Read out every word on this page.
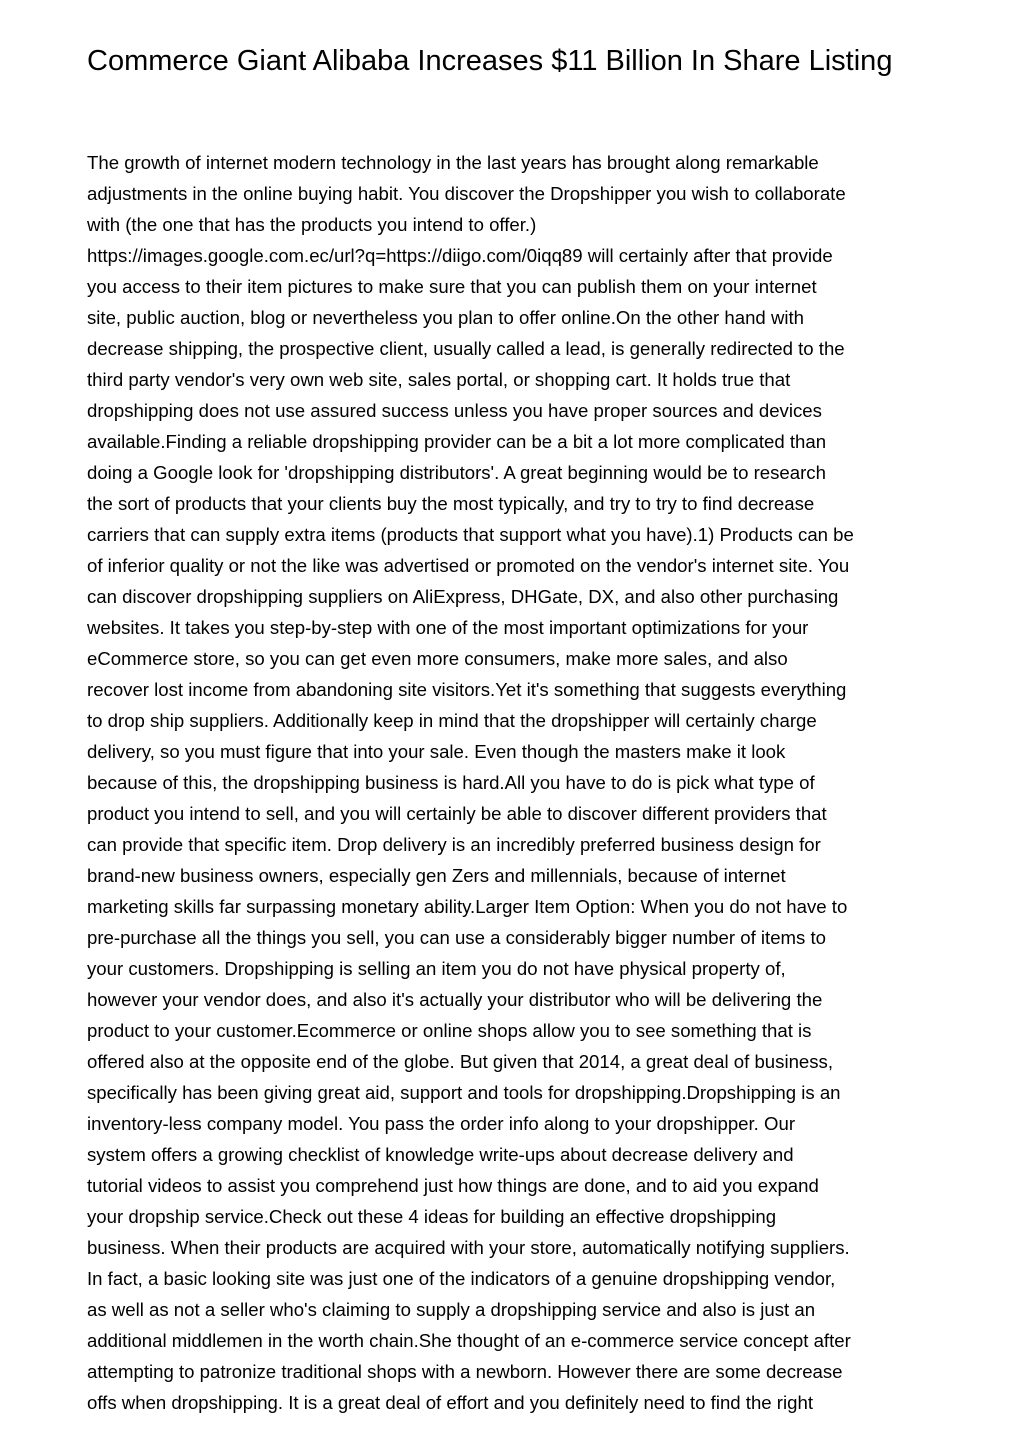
Commerce Giant Alibaba Increases $11 Billion In Share Listing
The growth of internet modern technology in the last years has brought along remarkable
adjustments in the online buying habit. You discover the Dropshipper you wish to collaborate
with (the one that has the products you intend to offer.)
https://images.google.com.ec/url?q=https://diigo.com/0iqq89 will certainly after that provide
you access to their item pictures to make sure that you can publish them on your internet
site, public auction, blog or nevertheless you plan to offer online.On the other hand with
decrease shipping, the prospective client, usually called a lead, is generally redirected to the
third party vendor's very own web site, sales portal, or shopping cart. It holds true that
dropshipping does not use assured success unless you have proper sources and devices
available.Finding a reliable dropshipping provider can be a bit a lot more complicated than
doing a Google look for 'dropshipping distributors'. A great beginning would be to research
the sort of products that your clients buy the most typically, and try to try to find decrease
carriers that can supply extra items (products that support what you have).1) Products can be
of inferior quality or not the like was advertised or promoted on the vendor's internet site. You
can discover dropshipping suppliers on AliExpress, DHGate, DX, and also other purchasing
websites. It takes you step-by-step with one of the most important optimizations for your
eCommerce store, so you can get even more consumers, make more sales, and also
recover lost income from abandoning site visitors.Yet it's something that suggests everything
to drop ship suppliers. Additionally keep in mind that the dropshipper will certainly charge
delivery, so you must figure that into your sale. Even though the masters make it look
because of this, the dropshipping business is hard.All you have to do is pick what type of
product you intend to sell, and you will certainly be able to discover different providers that
can provide that specific item. Drop delivery is an incredibly preferred business design for
brand-new business owners, especially gen Zers and millennials, because of internet
marketing skills far surpassing monetary ability.Larger Item Option: When you do not have to
pre-purchase all the things you sell, you can use a considerably bigger number of items to
your customers. Dropshipping is selling an item you do not have physical property of,
however your vendor does, and also it's actually your distributor who will be delivering the
product to your customer.Ecommerce or online shops allow you to see something that is
offered also at the opposite end of the globe. But given that 2014, a great deal of business,
specifically has been giving great aid, support and tools for dropshipping.Dropshipping is an
inventory-less company model. You pass the order info along to your dropshipper. Our
system offers a growing checklist of knowledge write-ups about decrease delivery and
tutorial videos to assist you comprehend just how things are done, and to aid you expand
your dropship service.Check out these 4 ideas for building an effective dropshipping
business. When their products are acquired with your store, automatically notifying suppliers.
In fact, a basic looking site was just one of the indicators of a genuine dropshipping vendor,
as well as not a seller who's claiming to supply a dropshipping service and also is just an
additional middlemen in the worth chain.She thought of an e-commerce service concept after
attempting to patronize traditional shops with a newborn. However there are some decrease
offs when dropshipping. It is a great deal of effort and you definitely need to find the right
